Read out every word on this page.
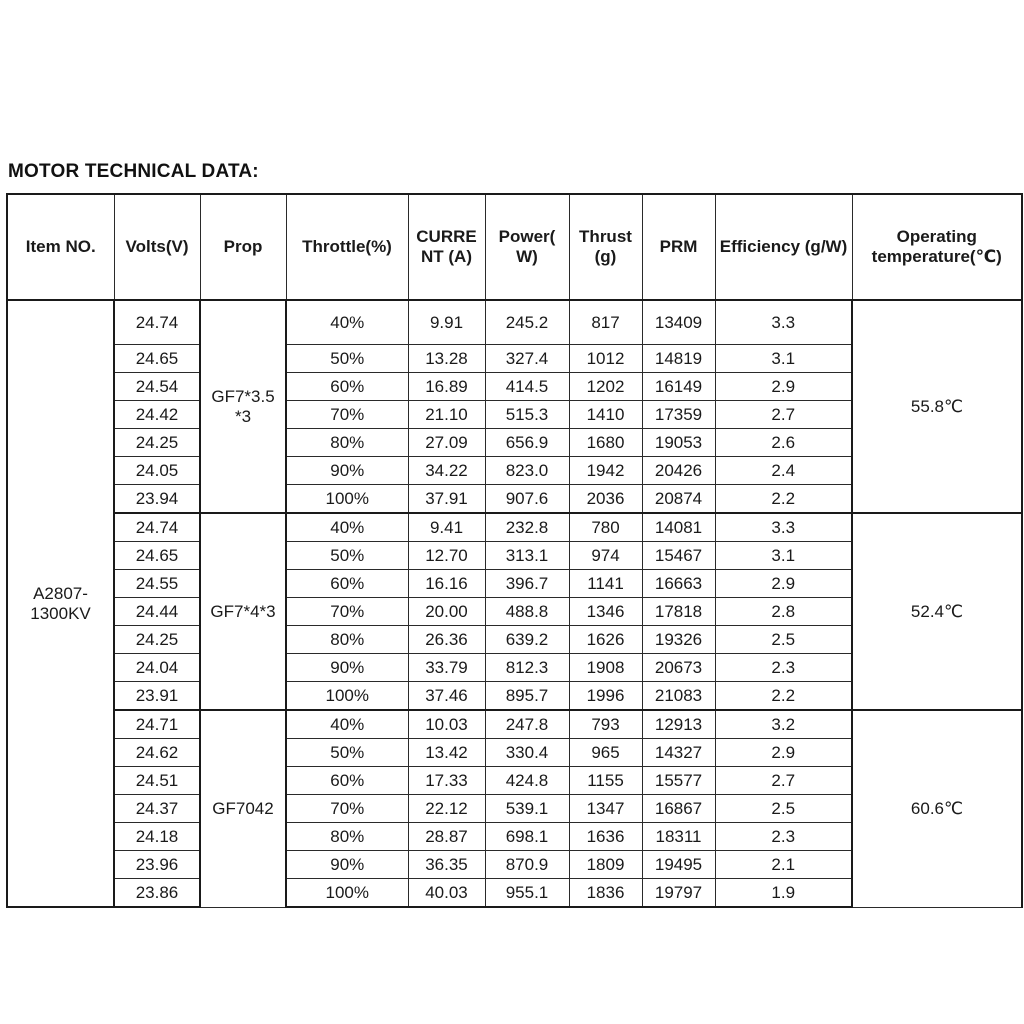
MOTOR TECHNICAL DATA:
Item NO.	Volts(V)	Prop	Throttle(%)	CURRE NT (A)	Power( W)	Thrust (g)	PRM	Efficiency (g/W)	Operating temperature(℃)
A2807- 1300KV	24.74	GF7*3.5 *3	40%	9.91	245.2	817	13409	3.3	55.8℃
	24.65		50%	13.28	327.4	1012	14819	3.1	
	24.54		60%	16.89	414.5	1202	16149	2.9	
	24.42		70%	21.10	515.3	1410	17359	2.7	
	24.25		80%	27.09	656.9	1680	19053	2.6	
	24.05		90%	34.22	823.0	1942	20426	2.4	
	23.94		100%	37.91	907.6	2036	20874	2.2	
	24.74	GF7*4*3	40%	9.41	232.8	780	14081	3.3	52.4℃
	24.65		50%	12.70	313.1	974	15467	3.1	
	24.55		60%	16.16	396.7	1141	16663	2.9	
	24.44		70%	20.00	488.8	1346	17818	2.8	
	24.25		80%	26.36	639.2	1626	19326	2.5	
	24.04		90%	33.79	812.3	1908	20673	2.3	
	23.91		100%	37.46	895.7	1996	21083	2.2	
	24.71	GF7042	40%	10.03	247.8	793	12913	3.2	60.6℃
	24.62		50%	13.42	330.4	965	14327	2.9	
	24.51		60%	17.33	424.8	1155	15577	2.7	
	24.37		70%	22.12	539.1	1347	16867	2.5	
	24.18		80%	28.87	698.1	1636	18311	2.3	
	23.96		90%	36.35	870.9	1809	19495	2.1	
	23.86		100%	40.03	955.1	1836	19797	1.9	
